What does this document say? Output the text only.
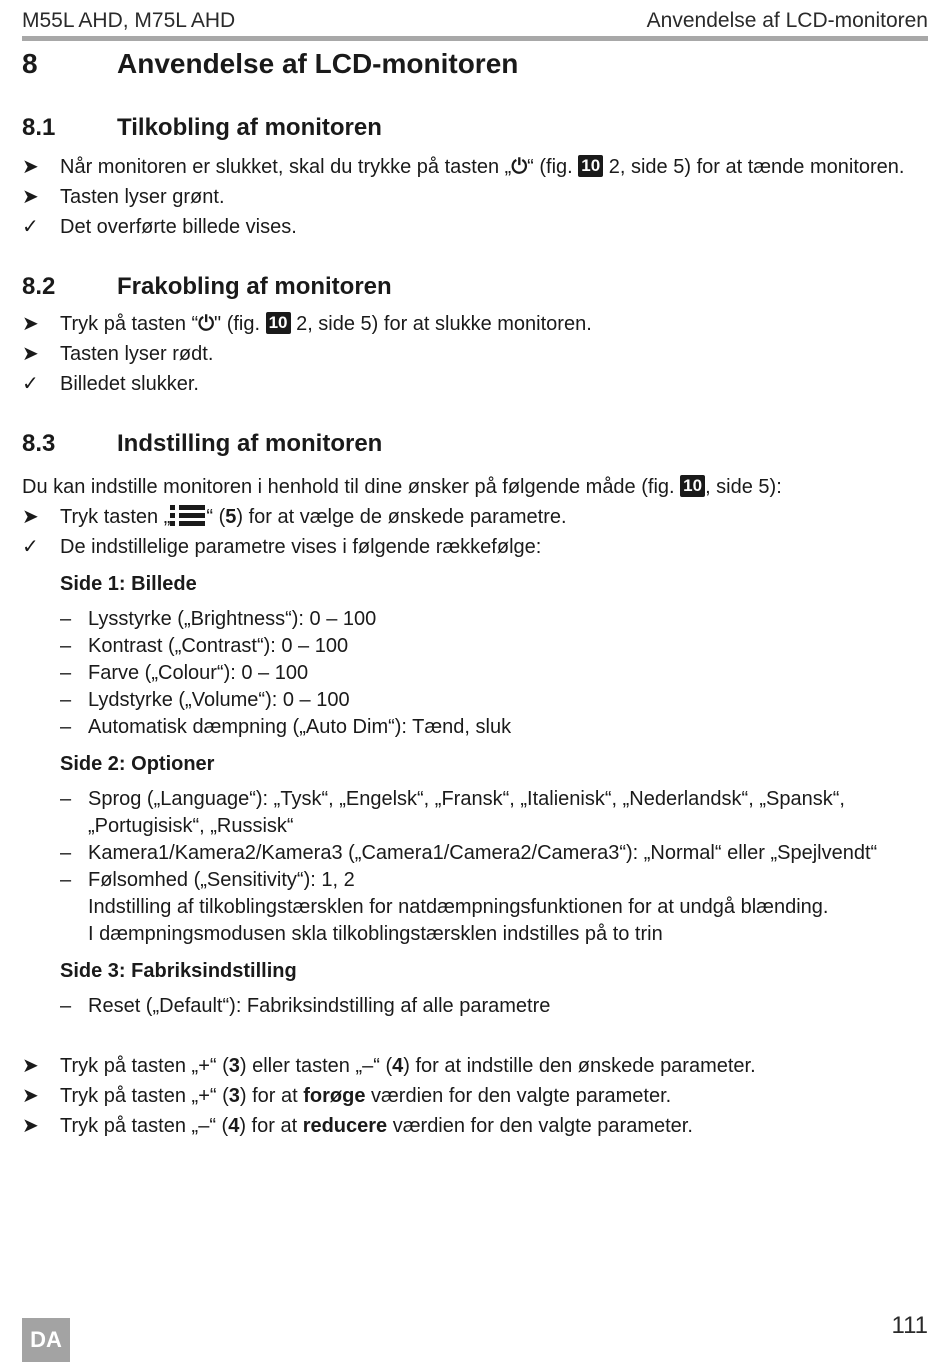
M55L AHD, M75L AHD	Anvendelse af LCD-monitoren
8	Anvendelse af LCD-monitoren
8.1	Tilkobling af monitoren
➤	Når monitoren er slukket, skal du trykke på tasten „⏻“ (fig. 10 2, side 5) for at tænde monitoren.
➤	Tasten lyser grønt.
✓	Det overførte billede vises.
8.2	Frakobling af monitoren
➤	Tryk på tasten “⏻" (fig. 10 2, side 5) for at slukke monitoren.
➤	Tasten lyser rødt.
✓	Billedet slukker.
8.3	Indstilling af monitoren
Du kan indstille monitoren i henhold til dine ønsker på følgende måde (fig. 10 , side 5):
➤	Tryk tasten „ “ (5) for at vælge de ønskede parametre.
✓	De indstillelige parametre vises i følgende rækkefølge:
Side 1: Billede
– Lysstyrke („Brightness“): 0 – 100
– Kontrast („Contrast“): 0 – 100
– Farve („Colour“): 0 – 100
– Lydstyrke („Volume“): 0 – 100
– Automatisk dæmpning („Auto Dim“): Tænd, sluk
Side 2: Optioner
– Sprog („Language“): „Tysk“, „Engelsk“, „Fransk“, „Italienisk“, „Nederlandsk“, „Spansk“, „Portugisisk“, „Russisk“
– Kamera1/Kamera2/Kamera3 („Camera1/Camera2/Camera3“): „Normal“ eller „Spejlvendt“
– Følsomhed („Sensitivity“): 1, 2
Indstilling af tilkoblingstærsklen for natdæmpningsfunktionen for at undgå blænding.
I dæmpningsmodusen skla tilkoblingstærsklen indstilles på to trin
Side 3: Fabriksindstilling
– Reset („Default“): Fabriksindstilling af alle parametre
➤	Tryk på tasten „+“ (3) eller tasten „–“ (4) for at indstille den ønskede parameter.
➤	Tryk på tasten „+“ (3) for at forøge værdien for den valgte parameter.
➤	Tryk på tasten „–“ (4) for at reducere værdien for den valgte parameter.
DA
111
